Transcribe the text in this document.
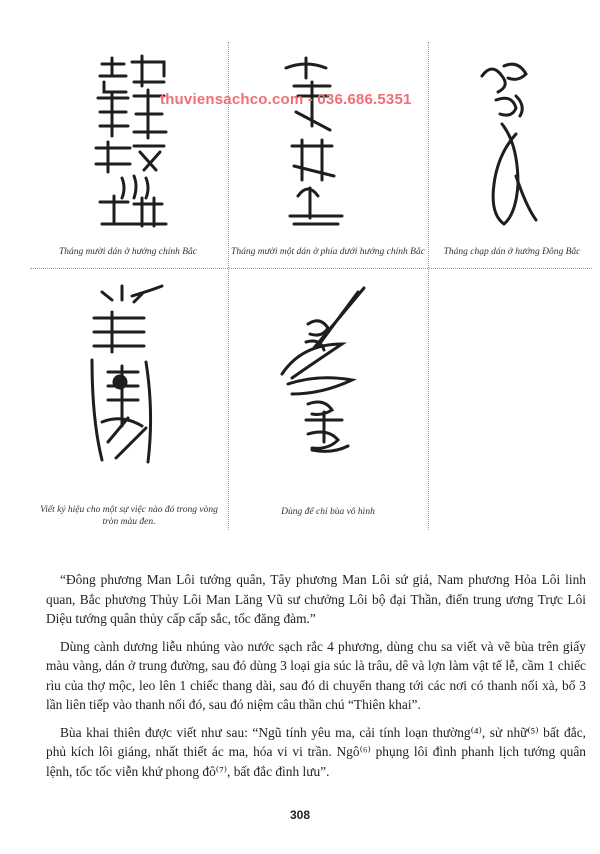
Tháng mười dán ở hướng chính Bắc	Tháng mười một dán ở phía dưới hướng chính Bắc	Tháng chạp dán ở hướng Đông Bắc
Viết ký hiệu cho một sự việc nào đó trong vòng tròn màu đen.
Dùng để chỉ bùa vô hình
thuviensachco.com - 036.686.5351

“Đông phương Man Lôi tướng quân, Tây phương Man Lôi sứ giả, Nam phương Hỏa Lôi linh quan, Bắc phương Thủy Lôi Man Lăng Vũ sư chưởng Lôi bộ đại Thần, điển trung ương Trực Lôi Diệu tướng quân thủy cấp cấp sắc, tốc đăng đàm.”

Dùng cành dương liễu nhúng vào nước sạch rắc 4 phương, dùng chu sa viết và vẽ bùa trên giấy màu vàng, dán ở trung đường, sau đó dùng 3 loại gia súc là trâu, dê và lợn làm vật tế lễ, cầm 1 chiếc rìu của thợ mộc, leo lên 1 chiếc thang dài, sau đó di chuyển thang tới các nơi có thanh nối xà, bổ 3 lần liên tiếp vào thanh nối đó, sau đó niệm câu thần chú “Thiên khai”.

Bùa khai thiên được viết như sau: “Ngũ tính yêu ma, cải tính loạn thường⁽⁴⁾, sử nhữ⁽⁵⁾ bất đắc, phủ kích lôi giáng, nhất thiết ác ma, hóa vi vi trần. Ngô⁽⁶⁾ phụng lôi đình phanh lịch tướng quân lệnh, tốc tốc viễn khứ phong đô⁽⁷⁾, bất đắc đình lưu”.

308
